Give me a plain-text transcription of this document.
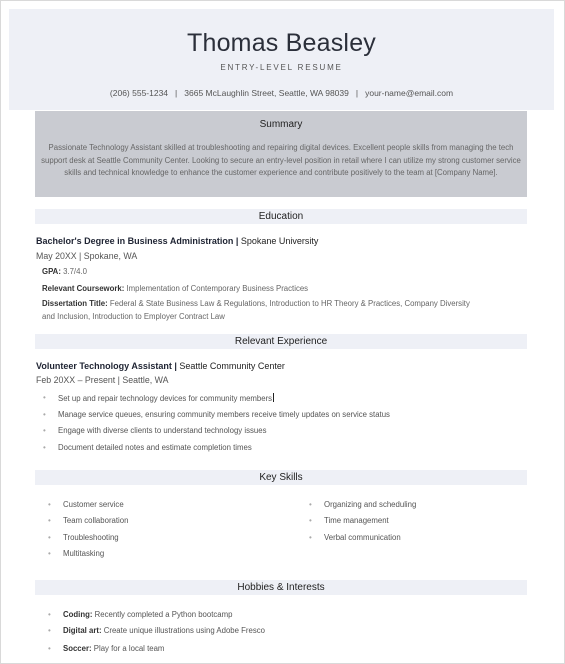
Thomas Beasley
ENTRY-LEVEL RESUME
(206) 555-1234 | 3665 McLaughlin Street, Seattle, WA 98039 | your-name@email.com
Summary
Passionate Technology Assistant skilled at troubleshooting and repairing digital devices. Excellent people skills from managing the tech support desk at Seattle Community Center. Looking to secure an entry-level position in retail where I can utilize my strong customer service skills and technical knowledge to enhance the customer experience and contribute positively to the team at [Company Name].
Education
Bachelor's Degree in Business Administration | Spokane University
May 20XX | Spokane, WA
GPA: 3.7/4.0
Relevant Coursework: Implementation of Contemporary Business Practices
Dissertation Title: Federal & State Business Law & Regulations, Introduction to HR Theory & Practices, Company Diversity and Inclusion, Introduction to Employer Contract Law
Relevant Experience
Volunteer Technology Assistant | Seattle Community Center
Feb 20XX – Present | Seattle, WA
• Set up and repair technology devices for community members
• Manage service queues, ensuring community members receive timely updates on service status
• Engage with diverse clients to understand technology issues
• Document detailed notes and estimate completion times
Key Skills
• Customer service
• Team collaboration
• Troubleshooting
• Multitasking
• Organizing and scheduling
• Time management
• Verbal communication
Hobbies & Interests
• Coding: Recently completed a Python bootcamp
• Digital art: Create unique illustrations using Adobe Fresco
• Soccer: Play for a local team
